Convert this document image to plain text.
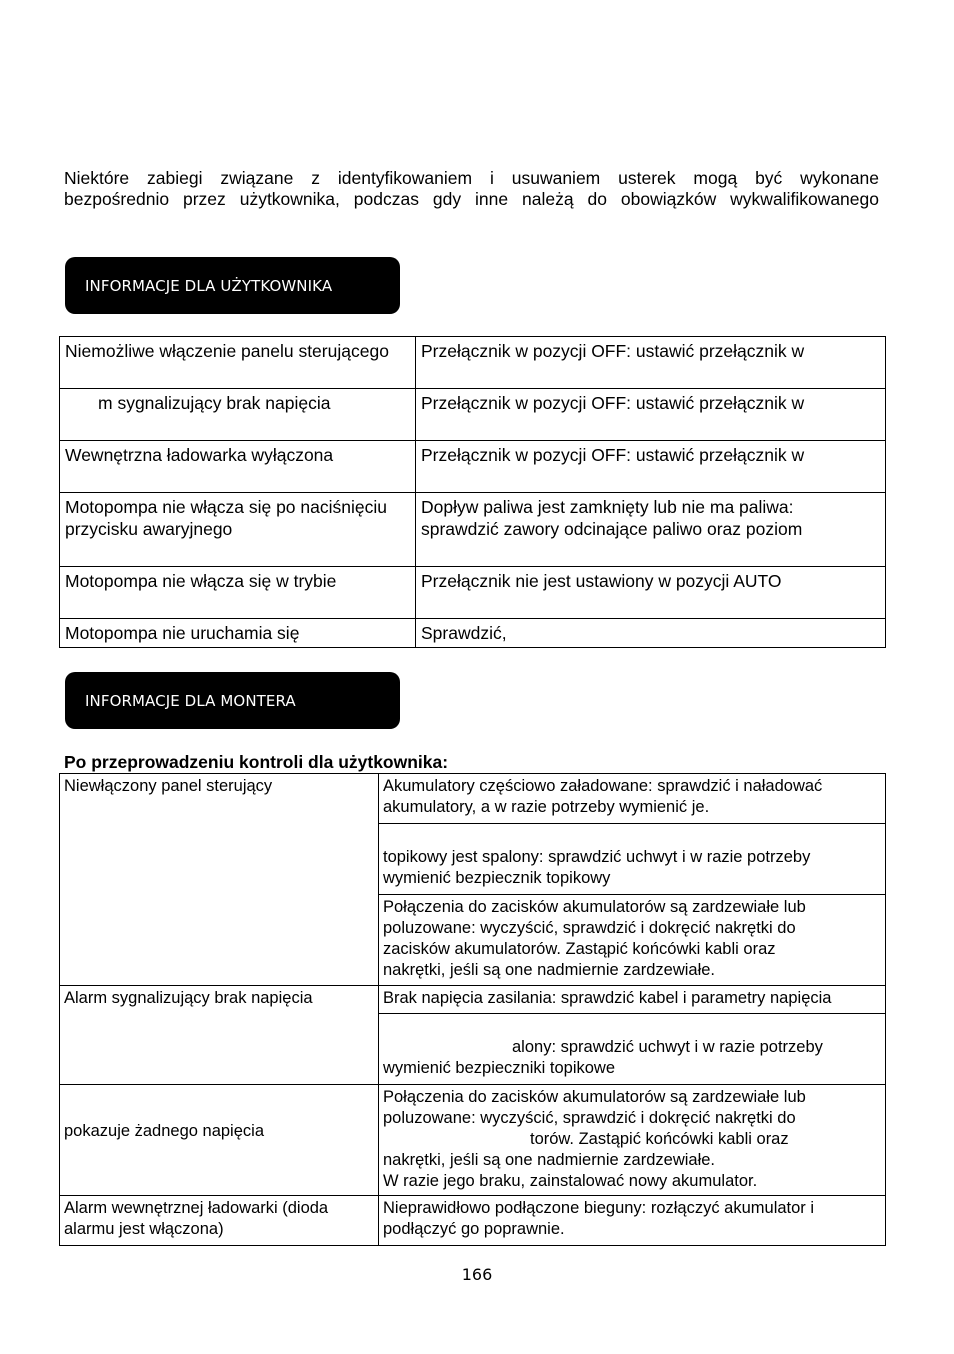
Niektóre zabiegi związane z identyfikowaniem i usuwaniem usterek mogą być wykonane

bezpośrednio przez użytkownika, podczas gdy inne należą do obowiązków wykwalifikowanego

INFORMACJE DLA UŻYTKOWNIKA
Niemożliwe włączenie panelu sterującego	Przełącznik w pozycji OFF: ustawić przełącznik w
m sygnalizujący brak napięcia	Przełącznik w pozycji OFF: ustawić przełącznik w
Wewnętrzna ładowarka wyłączona	Przełącznik w pozycji OFF: ustawić przełącznik w
Motopompa nie włącza się po naciśnięciu przycisku awaryjnego	Dopływ paliwa jest zamknięty lub nie ma paliwa:
sprawdzić zawory odcinające paliwo oraz poziom

Motopompa nie włącza się w trybie	Przełącznik nie jest ustawiony w pozycji AUTO
Motopompa nie uruchamia się	Sprawdzić,
INFORMACJE DLA MONTERA
Po przeprowadzeniu kontroli dla użytkownika:
Niewłączony panel sterujący	Akumulatory częściowo załadowane: sprawdzić i naładować
akumulatory, a w razie potrzeby wymienić je.

	topikowy jest spalony: sprawdzić uchwyt i w razie potrzeby
wymienić bezpiecznik topikowy

	Połączenia do zacisków akumulatorów są zardzewiałe lub
poluzowane: wyczyścić, sprawdzić i dokręcić nakrętki do
zacisków akumulatorów. Zastąpić końcówki kabli oraz
nakrętki, jeśli są one nadmiernie zardzewiałe.

Alarm sygnalizujący brak napięcia	Brak napięcia zasilania: sprawdzić kabel i parametry napięcia

	alony: sprawdzić uchwyt i w razie potrzeby
wymienić bezpieczniki topikowe

pokazuje żadnego napięcia	Połączenia do zacisków akumulatorów są zardzewiałe lub
poluzowane: wyczyścić, sprawdzić i dokręcić nakrętki do
torów. Zastąpić końcówki kabli oraz
nakrętki, jeśli są one nadmiernie zardzewiałe.
W razie jego braku, zainstalować nowy akumulator.

Alarm wewnętrznej ładowarki (dioda
alarmu jest włączona)	Nieprawidłowo podłączone bieguny: rozłączyć akumulator i
podłączyć go poprawnie.
166
